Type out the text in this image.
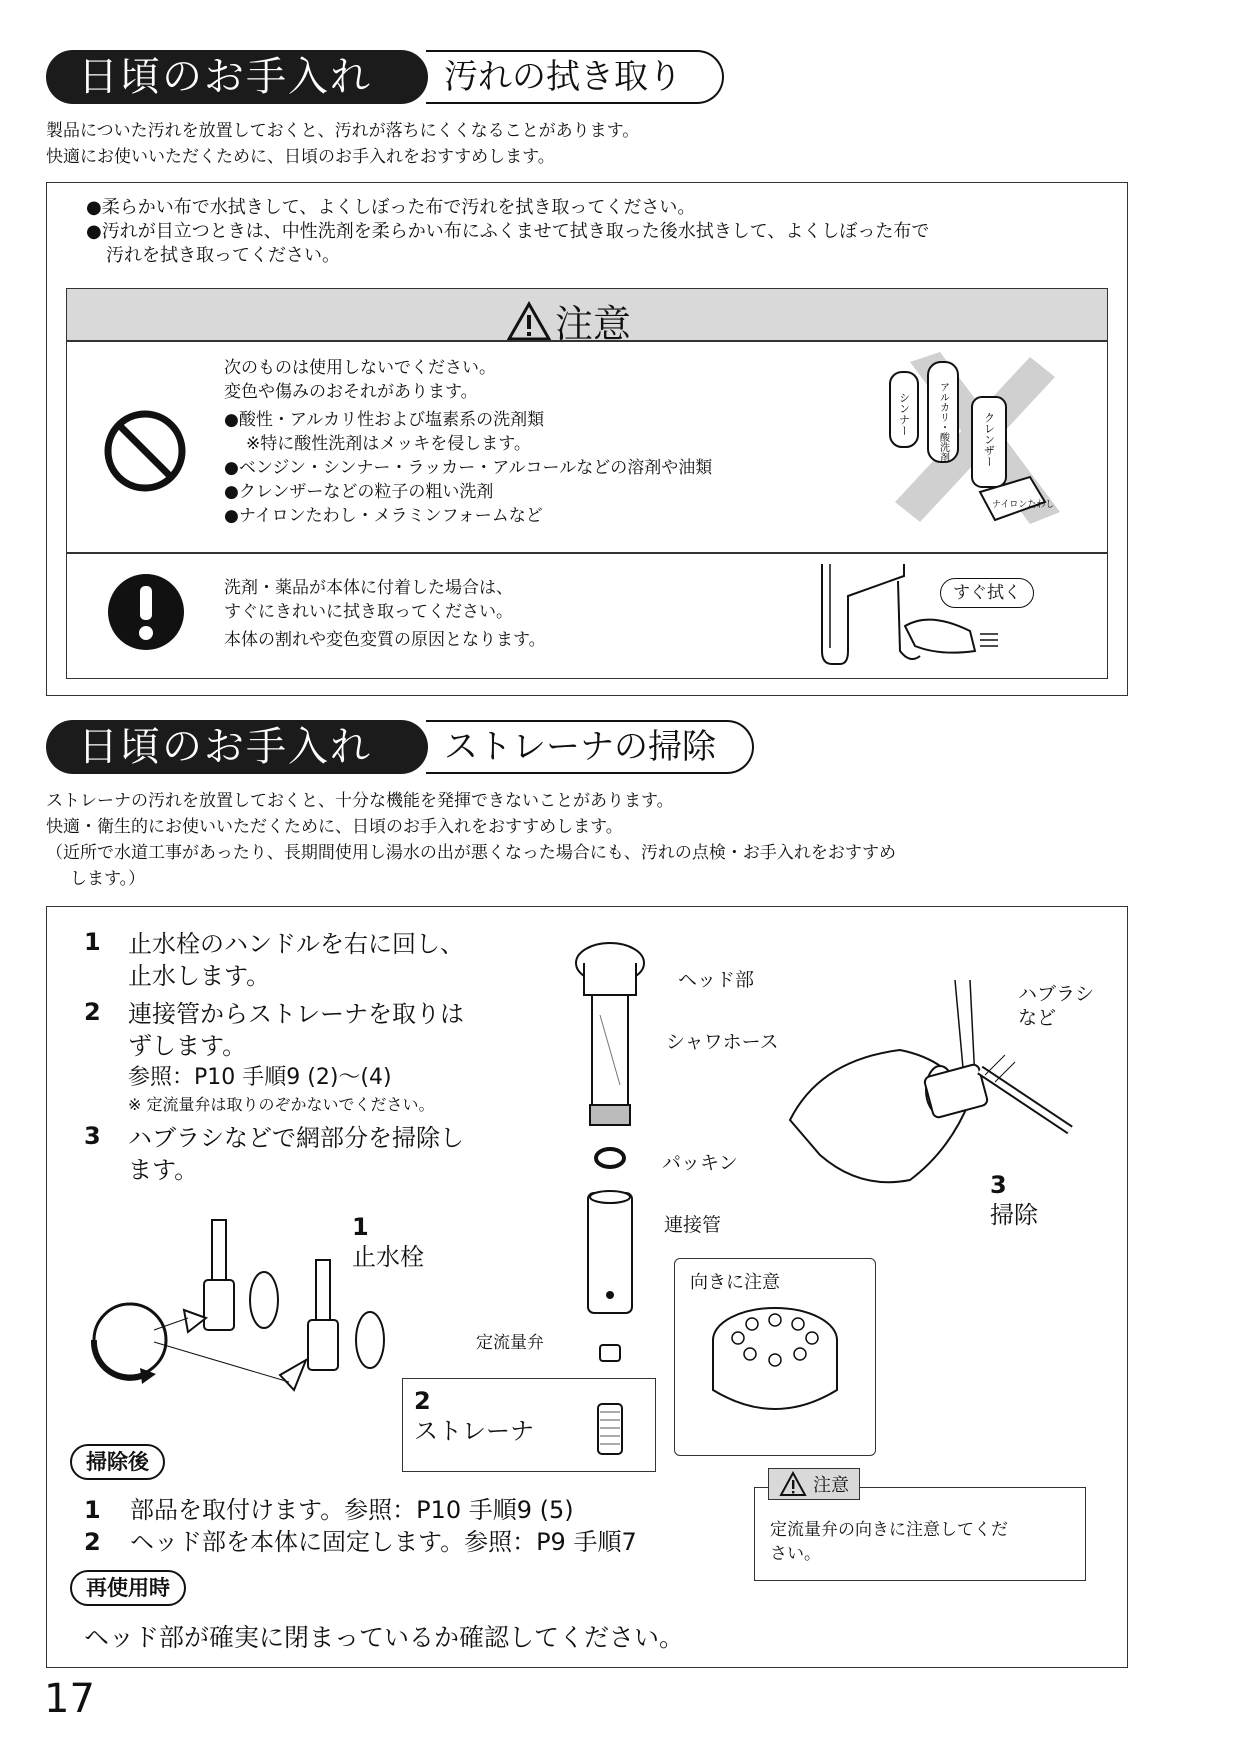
汚れの拭き取り
日頃のお手入れ
製品についた汚れを放置しておくと、汚れが落ちにくくなることがあります。
快適にお使いいただくために、日頃のお手入れをおすすめします。
●柔らかい布で水拭きして、よくしぼった布で汚れを拭き取ってください。
●汚れが目立つときは、中性洗剤を柔らかい布にふくませて拭き取った後水拭きして、よくしぼった布で
汚れを拭き取ってください。
注意
次のものは使用しないでください。
変色や傷みのおそれがあります。
●酸性・アルカリ性および塩素系の洗剤類
※特に酸性洗剤はメッキを侵します。
●ベンジン・シンナー・ラッカー・アルコールなどの溶剤や油類
●クレンザーなどの粒子の粗い洗剤
●ナイロンたわし・メラミンフォームなど
シンナー	アルカリ・酸洗剤	クレンザー
ナイロンたわし
洗剤・薬品が本体に付着した場合は、
すぐにきれいに拭き取ってください。
本体の割れや変色変質の原因となります。
すぐ拭く
ストレーナの掃除
日頃のお手入れ
ストレーナの汚れを放置しておくと、十分な機能を発揮できないことがあります。
快適・衛生的にお使いいただくために、日頃のお手入れをおすすめします。
（近所で水道工事があったり、長期間使用し湯水の出が悪くなった場合にも、汚れの点検・お手入れをおすすめ
します。）
1	止水栓のハンドルを右に回し、
止水します。
2	連接管からストレーナを取りは
ずします。
参照：P10 手順9 (2)～(4)
※ 定流量弁は取りのぞかないでください。
3	ハブラシなどで網部分を掃除し
ます。
1
止水栓
ヘッド部
シャワホース
パッキン
連接管
定流量弁
2
ストレーナ
向きに注意
ハブラシ
など
3
掃除
掃除後
1	部品を取付けます。参照：P10 手順9 (5)
2	ヘッド部を本体に固定します。参照：P9 手順7
注意
定流量弁の向きに注意してくだ
さい。
再使用時
ヘッド部が確実に閉まっているか確認してください。
17
